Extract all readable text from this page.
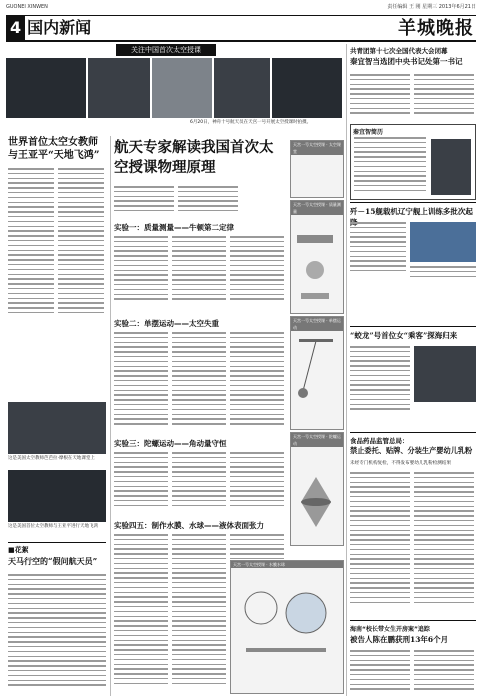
GUONEI XINWEN	责任编辑 王 刚 星期三 2013年6月21日
4 国内新闻	羊城晚报
关注中国首次太空授课
6月20日，神舟十号航天员在天宫一号开展太空授课时拍摄。
世界首位太空女教师与王亚平“天地飞鸿”
这是美国太空教师芭芭拉·摩根在天地课堂上
这是美国首位太空教师与王亚平进行天地飞鸿
■花絮
天马行空的“假问航天员”
航天专家解读我国首次太空授课物理原理
实验一：质量测量——牛顿第二定律
实验二：单摆运动——太空失重
实验三：陀螺运动——角动量守恒
实验四五：制作水膜、水球——液体表面张力
天宫一号太空授课 · 质量测量
天宫一号太空授课 · 单摆运动
天宫一号太空授课 · 陀螺运动
天宫一号太空授课 · 水膜水球
天宫一号太空授课 · 太空课堂
共青团第十七次全国代表大会闭幕
秦宜智当选团中央书记处第一书记
秦宜智简历
歼－15舰载机辽宁舰上训练多批次起
“蛟龙”号首位女“乘客”探海归来
食品药品监管总局：
禁止委托、贴牌、分装生产婴幼儿乳粉
未经专门机构复检，不得发布婴幼儿乳粉检测结果
海南“校长带女生开房案”追踪
被告人陈在鹏获刑13年6个月
